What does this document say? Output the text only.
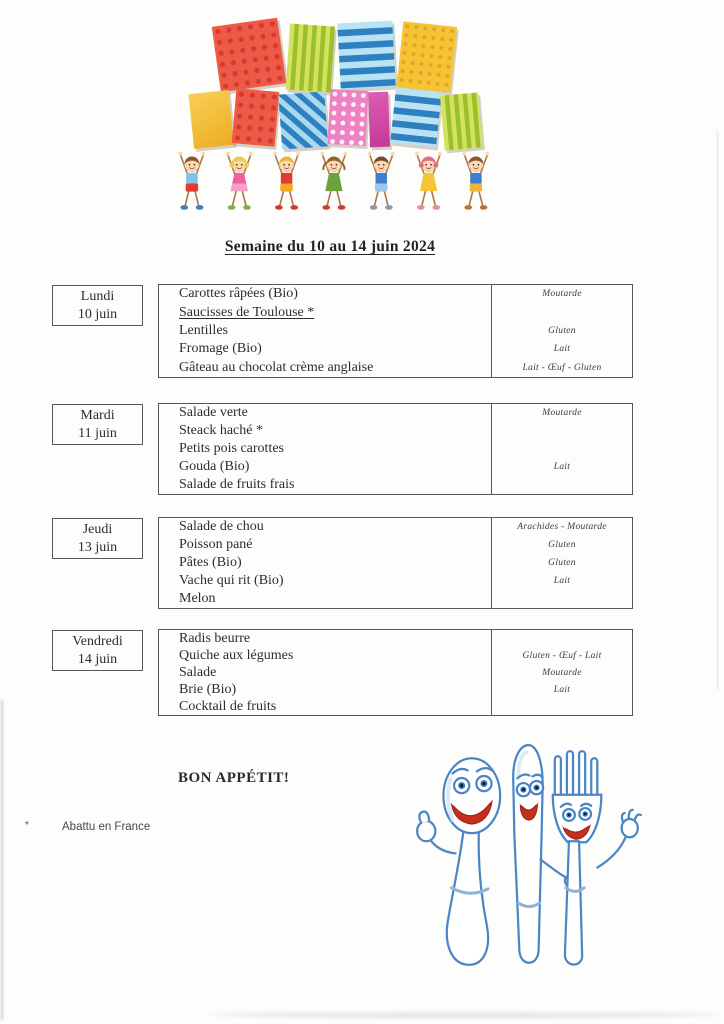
Semaine du 10 au 14 juin 2024
Lundi
10 juin
Carottes râpées (Bio)	Moutarde
Saucisses de Toulouse *
Lentilles	Gluten
Fromage (Bio)	Lait
Gâteau au chocolat crème anglaise	Lait - Œuf - Gluten
Mardi
11 juin
Salade verte	Moutarde
Steack haché *
Petits pois carottes
Gouda (Bio)	Lait
Salade de fruits frais
Jeudi
13 juin
Salade de chou	Arachides - Moutarde
Poisson pané	Gluten
Pâtes (Bio)	Gluten
Vache qui rit (Bio)	Lait
Melon
Vendredi
14 juin
Radis beurre
Quiche aux légumes	Gluten - Œuf - Lait
Salade	Moutarde
Brie (Bio)	Lait
Cocktail de fruits
BON APPÉTIT!
*	Abattu en France
